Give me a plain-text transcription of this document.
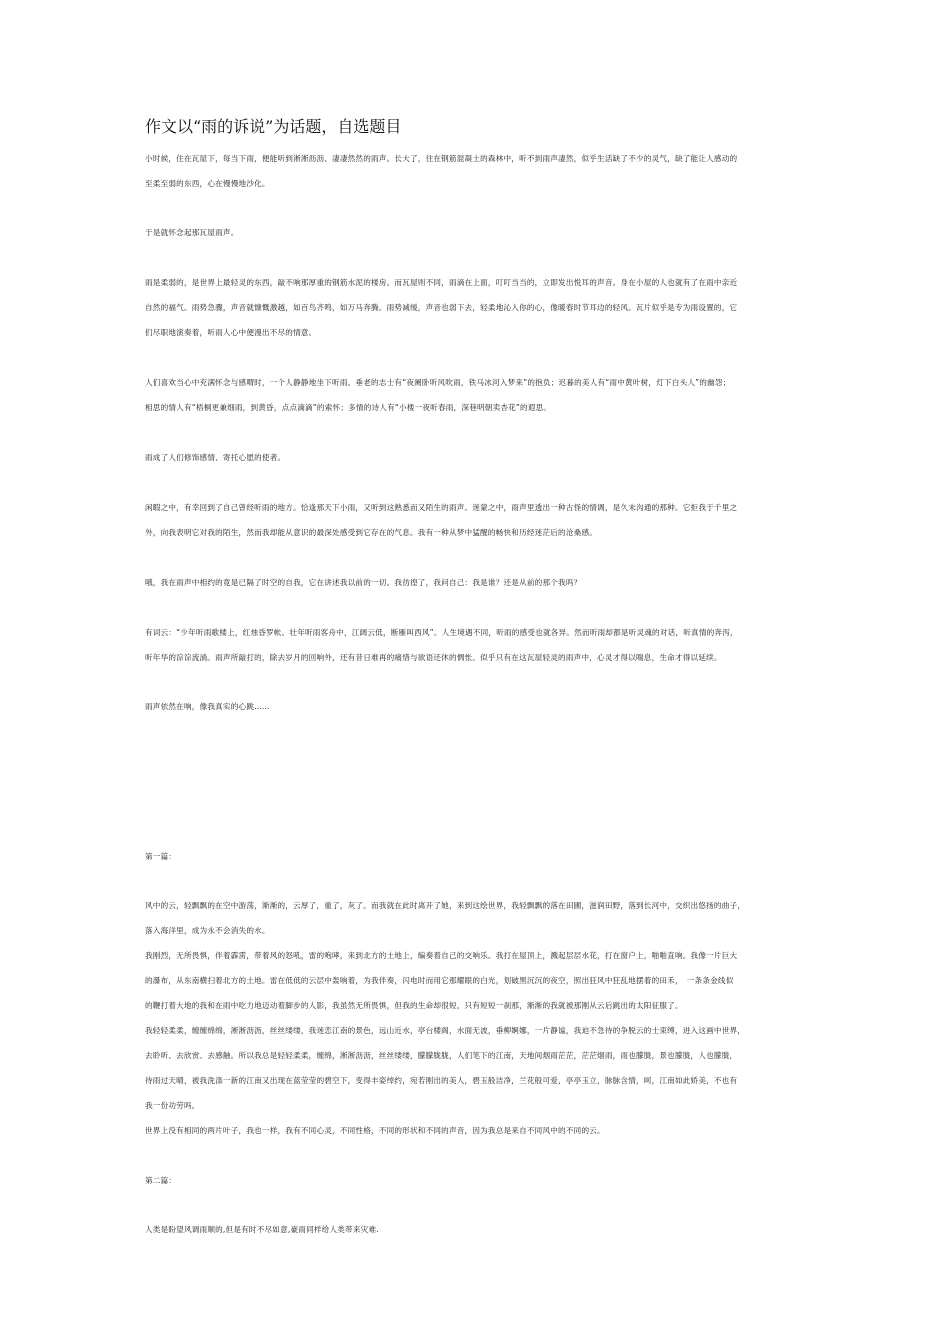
作文以“雨的诉说”为话题，自选题目

小时候，住在瓦屋下，每当下雨，便能听到淅淅沥沥、凄凄然然的雨声。长大了，住在钢筋混凝土的森林中，听不到雨声凄然，似乎生活缺了不少的灵气，缺了能让人感动的

至柔至弱的东西，心在慢慢地沙化。

于是就怀念起那瓦屋雨声。

雨是柔弱的，是世界上最轻灵的东西，敲不响那厚重的钢筋水泥的楼房。而瓦屋则不同，雨滴在上面，叮叮当当的，立即发出悦耳的声音。身在小屋的人也就有了在雨中亲近

自然的福气。雨势急骤，声音就慷慨激越，如百鸟齐鸣，如万马奔腾。雨势减缓，声音也弱下去，轻柔地沁入你的心，像暖春时节耳边的轻风。瓦片似乎是专为雨设置的，它

们尽职地演奏着，听雨人心中便漫出不尽的情意。

人们喜欢当心中充满怀念与感喟时，一个人静静地坐下听雨。垂老的志士有“夜阑卧听风吹雨，铁马冰河入梦来”的抱负；迟暮的美人有“雨中黄叶树，灯下白头人”的幽怨；

相思的情人有“梧桐更兼细雨，到黄昏，点点滴滴”的索怀；多情的诗人有“小楼一夜听春雨，深巷明朝卖杏花”的遐思。

雨成了人们修饰感情、寄托心愿的使者。

闲暇之中，有幸回到了自己曾经听雨的地方。恰逢那天下小雨，又听到这熟悉而又陌生的雨声。迷蒙之中，雨声里透出一种古怪的情调，是久未沟通的那种。它拒我于千里之

外，向我表明它对我的陌生，然而我却能从意识的最深处感受到它存在的气息。我有一种从梦中猛醒的畅快和历经迷茫后的沧桑感。

哦，我在雨声中相约的竟是已隔了时空的自我，它在讲述我以前的一切。我彷徨了，我问自己：我是谁？还是从前的那个我吗？

有词云：“少年听雨歌楼上，红烛昏罗帐。壮年听雨客舟中，江阔云低，断雁叫西风”。人生境遇不同，听雨的感受也就各异。然而听雨却都是听灵魂的对话，听真情的奔泻，

听年华的淙淙流淌。雨声所敲打的，除去岁月的回响外，还有昔日难再的痛惜与欲语还休的惆怅。似乎只有在这瓦屋轻灵的雨声中，心灵才得以喘息，生命才得以延续。

雨声依然在响，像我真实的心跳……

第一篇：

风中的云，轻飘飘的在空中游荡，渐渐的，云厚了，重了，灰了。而我就在此时离开了她，来到这绘世界，我轻飘飘的落在田圃，滋润田野，落到长河中，交织出悠扬的曲子，

落入海洋里，成为永不会消失的水。

我刚烈，无所畏惧，伴着霹雳，带着风的怒吼，雷的咆哮，来到北方的土地上，编奏着自己的交响乐。我打在屋顶上，溅起层层水花，打在窗户上，啪啪直响。我像一片巨大

的瀑布，从东南横扫着北方的土地。雷在低低的云层中轰响着，为我伴奏，闪电时而用它那耀眼的白光，划破黑沉沉的夜空，照出狂风中狂乱地摆着的田禾，　一条条金线似

的鞭打着大地的我和在雨中吃力地迈动着脚步的人影，我虽然无所畏惧，但我的生命却很短，只有短短一刹那，渐渐的我就被那刚从云后跳出的太阳征服了。

我轻轻柔柔，缠缠绵绵，淅淅沥沥，丝丝缕缕，我迷恋江南的景色，远山近水，亭台楼阁，水面无波，垂柳婀娜，一片静谧，我迫不急待的争脱云的士束缚，进入这画中世界，

去聆听、去欣赏、去感触。所以我总是轻轻柔柔，缠绵，淅淅沥沥，丝丝缕缕，朦朦胧胧，人们笔下的江南，天地间烟雨茫茫，茫茫烟雨，雨也朦胧，景也朦胧，人也朦胧，

待雨过天晴，被我洗涤一新的江南又出现在蓝莹莹的碧空下，变得丰姿绰约，宛若刚出的美人，碧玉般洁净，兰花般可爱，亭亭玉立，脉脉含情，呵，江南如此娇美，不也有

我一份功劳吗。

世界上没有相同的两片叶子，我也一样，我有不同心灵，不同性格，不同的形状和不同的声音，因为我总是来自不同风中的不同的云。

第二篇：

人类是盼望风调雨顺的,但是有时不尽如意,豪雨同样给人类带来灾难.
